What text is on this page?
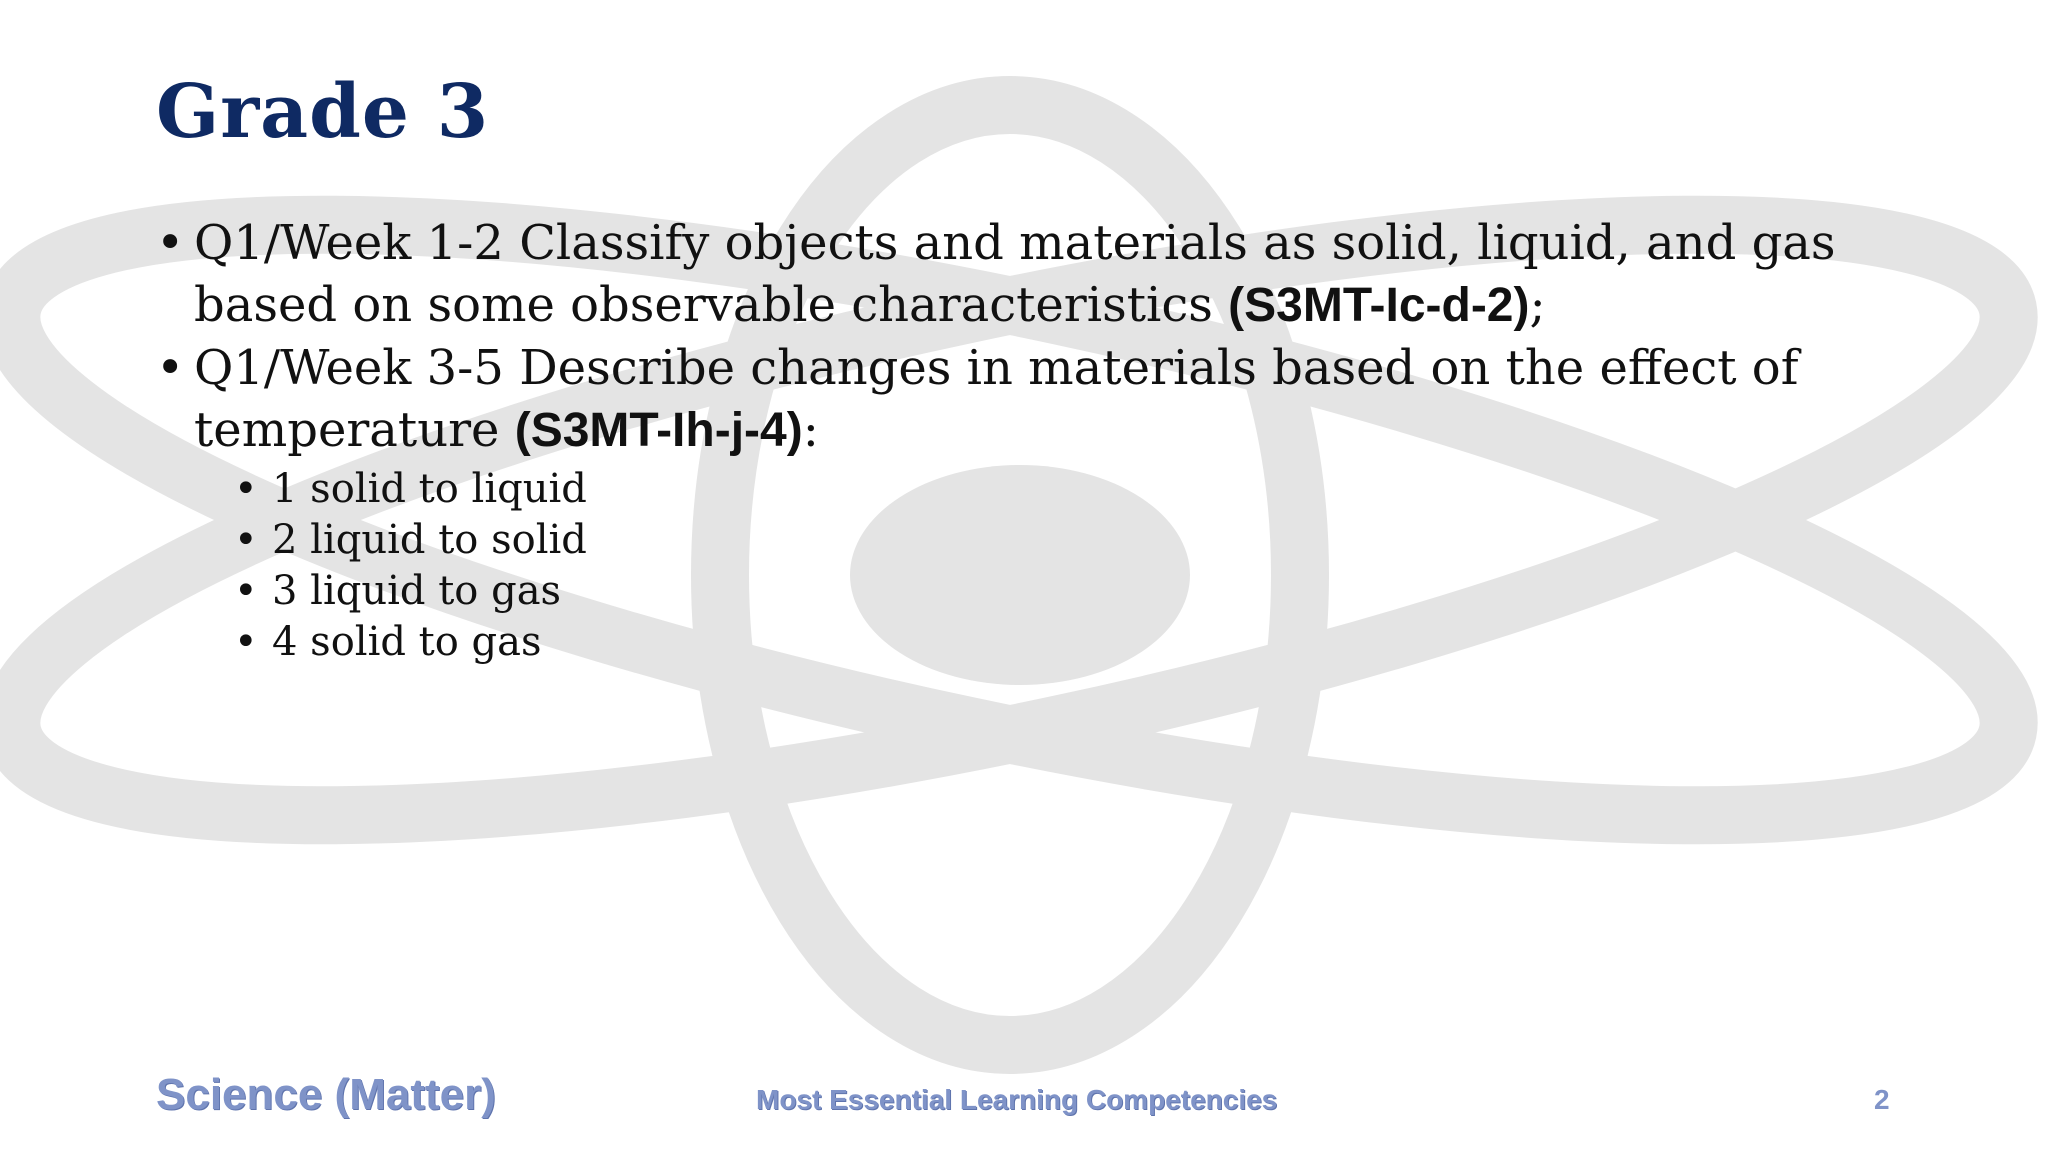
Grade 3
• Q1/Week 1-2 Classify objects and materials as solid, liquid, and gas based on some observable characteristics (S3MT-Ic-d-2);
• Q1/Week 3-5 Describe changes in materials based on the effect of temperature (S3MT-Ih-j-4):
• 1 solid to liquid
• 2 liquid to solid
• 3 liquid to gas
• 4 solid to gas
Science (Matter)	Most Essential Learning Competencies	2
